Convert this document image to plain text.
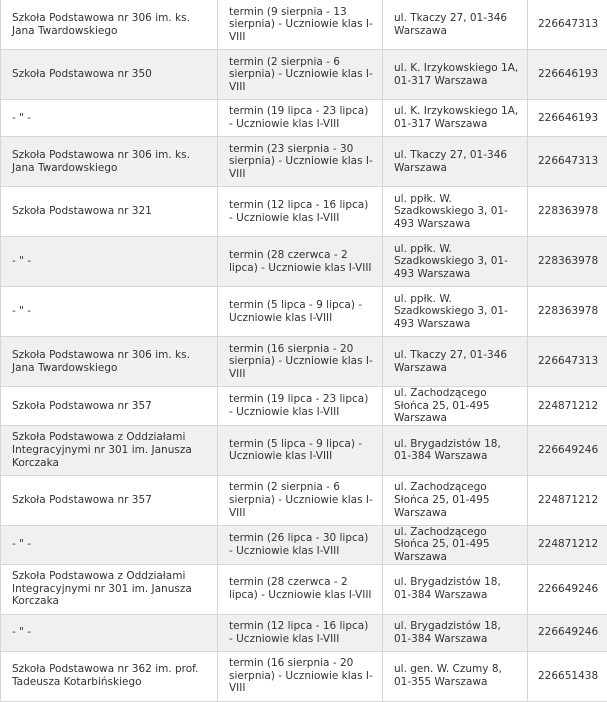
Szkoła Podstawowa nr 306 im. ks. Jana Twardowskiego	termin (9 sierpnia - 13 sierpnia) - Uczniowie klas I-VIII	ul. Tkaczy 27, 01-346 Warszawa	226647313
Szkoła Podstawowa nr 350	termin (2 sierpnia - 6 sierpnia) - Uczniowie klas I-VIII	ul. K. Irzykowskiego 1A, 01-317 Warszawa	226646193
- " -	termin (19 lipca - 23 lipca) - Uczniowie klas I-VIII	ul. K. Irzykowskiego 1A, 01-317 Warszawa	226646193
Szkoła Podstawowa nr 306 im. ks. Jana Twardowskiego	termin (23 sierpnia - 30 sierpnia) - Uczniowie klas I-VIII	ul. Tkaczy 27, 01-346 Warszawa	226647313
Szkoła Podstawowa nr 321	termin (12 lipca - 16 lipca) - Uczniowie klas I-VIII	ul. ppłk. W. Szadkowskiego 3, 01-493 Warszawa	228363978
- " -	termin (28 czerwca - 2 lipca) - Uczniowie klas I-VIII	ul. ppłk. W. Szadkowskiego 3, 01-493 Warszawa	228363978
- " -	termin (5 lipca - 9 lipca) - Uczniowie klas I-VIII	ul. ppłk. W. Szadkowskiego 3, 01-493 Warszawa	228363978
Szkoła Podstawowa nr 306 im. ks. Jana Twardowskiego	termin (16 sierpnia - 20 sierpnia) - Uczniowie klas I-VIII	ul. Tkaczy 27, 01-346 Warszawa	226647313
Szkoła Podstawowa nr 357	termin (19 lipca - 23 lipca) - Uczniowie klas I-VIII	ul. Zachodzącego Słońca 25, 01-495 Warszawa	224871212
Szkoła Podstawowa z Oddziałami Integracyjnymi nr 301 im. Janusza Korczaka	termin (5 lipca - 9 lipca) - Uczniowie klas I-VIII	ul. Brygadzistów 18, 01-384 Warszawa	226649246
Szkoła Podstawowa nr 357	termin (2 sierpnia - 6 sierpnia) - Uczniowie klas I-VIII	ul. Zachodzącego Słońca 25, 01-495 Warszawa	224871212
- " -	termin (26 lipca - 30 lipca) - Uczniowie klas I-VIII	ul. Zachodzącego Słońca 25, 01-495 Warszawa	224871212
Szkoła Podstawowa z Oddziałami Integracyjnymi nr 301 im. Janusza Korczaka	termin (28 czerwca - 2 lipca) - Uczniowie klas I-VIII	ul. Brygadzistów 18, 01-384 Warszawa	226649246
- " -	termin (12 lipca - 16 lipca) - Uczniowie klas I-VIII	ul. Brygadzistów 18, 01-384 Warszawa	226649246
Szkoła Podstawowa nr 362 im. prof. Tadeusza Kotarbińskiego	termin (16 sierpnia - 20 sierpnia) - Uczniowie klas I-VIII	ul. gen. W. Czumy 8, 01-355 Warszawa	226651438
